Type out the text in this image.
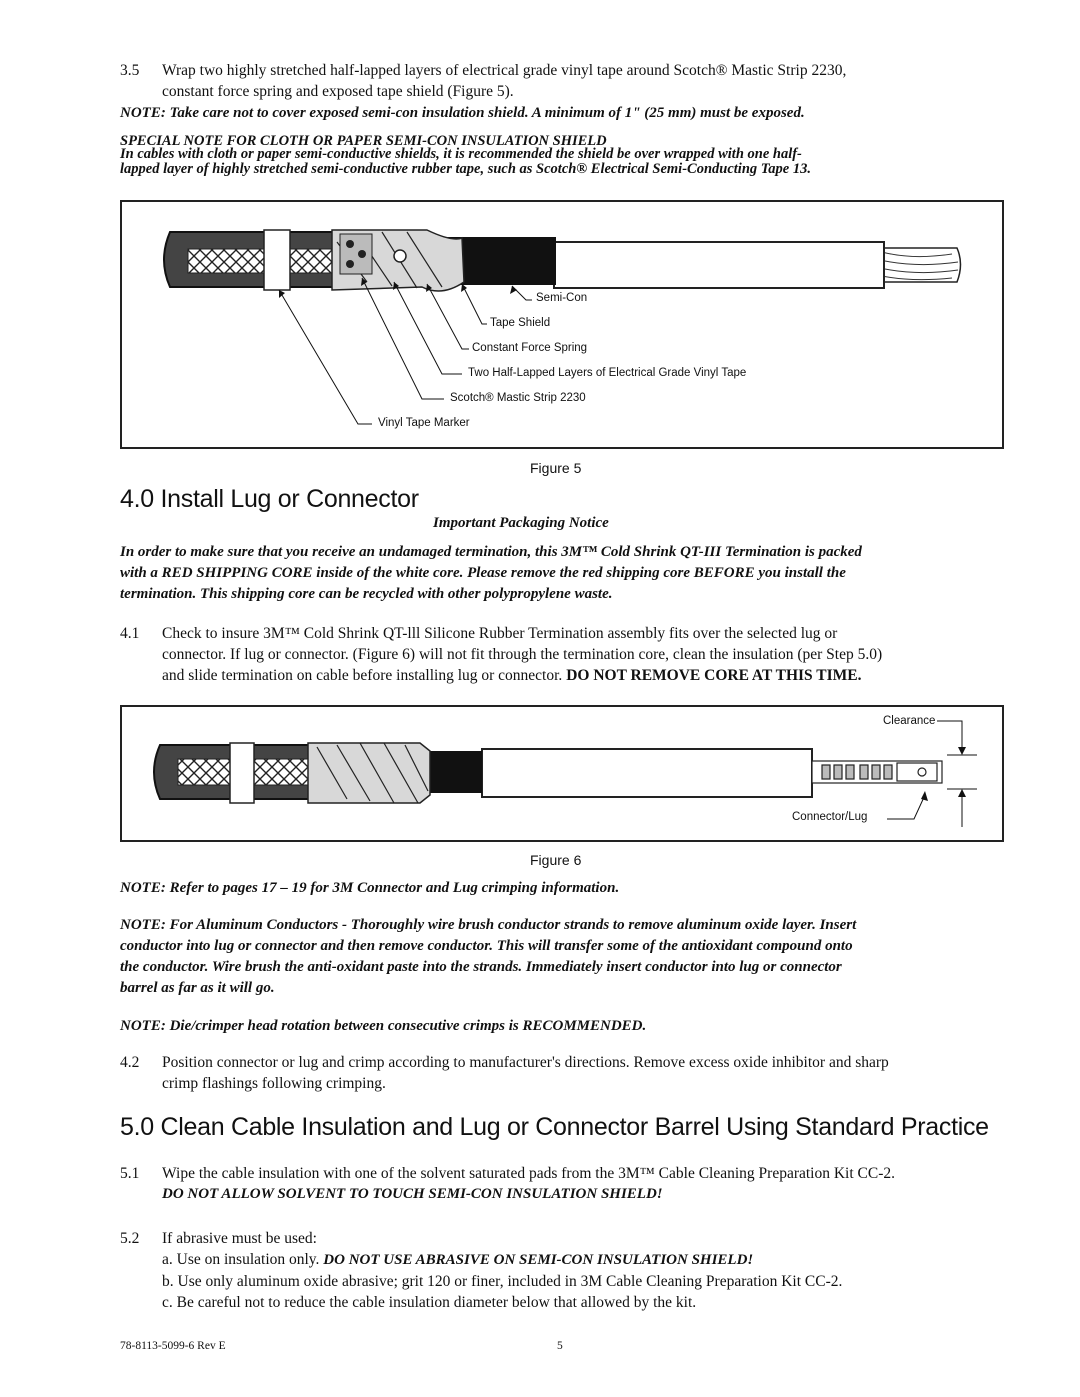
3.5	Wrap two highly stretched half-lapped layers of electrical grade vinyl tape around Scotch® Mastic Strip 2230,
constant force spring and exposed tape shield (Figure 5).
NOTE: Take care not to cover exposed semi-con insulation shield. A minimum of 1" (25 mm) must be exposed.
SPECIAL NOTE FOR CLOTH OR PAPER SEMI-CON INSULATION SHIELD
In cables with cloth or paper semi-conductive shields, it is recommended the shield be over wrapped with one half-
lapped layer of highly stretched semi-conductive rubber tape, such as Scotch® Electrical Semi-Conducting Tape 13.
Semi-Con
Tape Shield
Constant Force Spring
Two Half-Lapped Layers of Electrical Grade Vinyl Tape
Scotch® Mastic Strip 2230
Vinyl Tape Marker
Figure 5
4.0 Install Lug or Connector
Important Packaging Notice
In order to make sure that you receive an undamaged termination, this 3M™ Cold Shrink QT-III Termination is packed
with a RED SHIPPING CORE inside of the white core. Please remove the red shipping core BEFORE you install the
termination. This shipping core can be recycled with other polypropylene waste.
4.1	Check to insure 3M™ Cold Shrink QT-lll Silicone Rubber Termination assembly fits over the selected lug or
connector. If lug or connector. (Figure 6) will not fit through the termination core, clean the insulation (per Step 5.0)
and slide termination on cable before installing lug or connector. DO NOT REMOVE CORE AT THIS TIME.
Clearance
Connector/Lug
Figure 6
NOTE: Refer to pages 17 – 19 for 3M Connector and Lug crimping information.
NOTE: For Aluminum Conductors - Thoroughly wire brush conductor strands to remove aluminum oxide layer. Insert
conductor into lug or connector and then remove conductor. This will transfer some of the antioxidant compound onto
the conductor. Wire brush the anti-oxidant paste into the strands. Immediately insert conductor into lug or connector
barrel as far as it will go.
NOTE: Die/crimper head rotation between consecutive crimps is RECOMMENDED.
4.2	Position connector or lug and crimp according to manufacturer's directions. Remove excess oxide inhibitor and sharp
crimp flashings following crimping.
5.0 Clean Cable Insulation and Lug or Connector Barrel Using Standard Practice
5.1	Wipe the cable insulation with one of the solvent saturated pads from the 3M™ Cable Cleaning Preparation Kit CC-2.
DO NOT ALLOW SOLVENT TO TOUCH SEMI-CON INSULATION SHIELD!
5.2	If abrasive must be used:
a. Use on insulation only. DO NOT USE ABRASIVE ON SEMI-CON INSULATION SHIELD!
b. Use only aluminum oxide abrasive; grit 120 or finer, included in 3M Cable Cleaning Preparation Kit CC-2.
c. Be careful not to reduce the cable insulation diameter below that allowed by the kit.
78-8113-5099-6 Rev E	5
